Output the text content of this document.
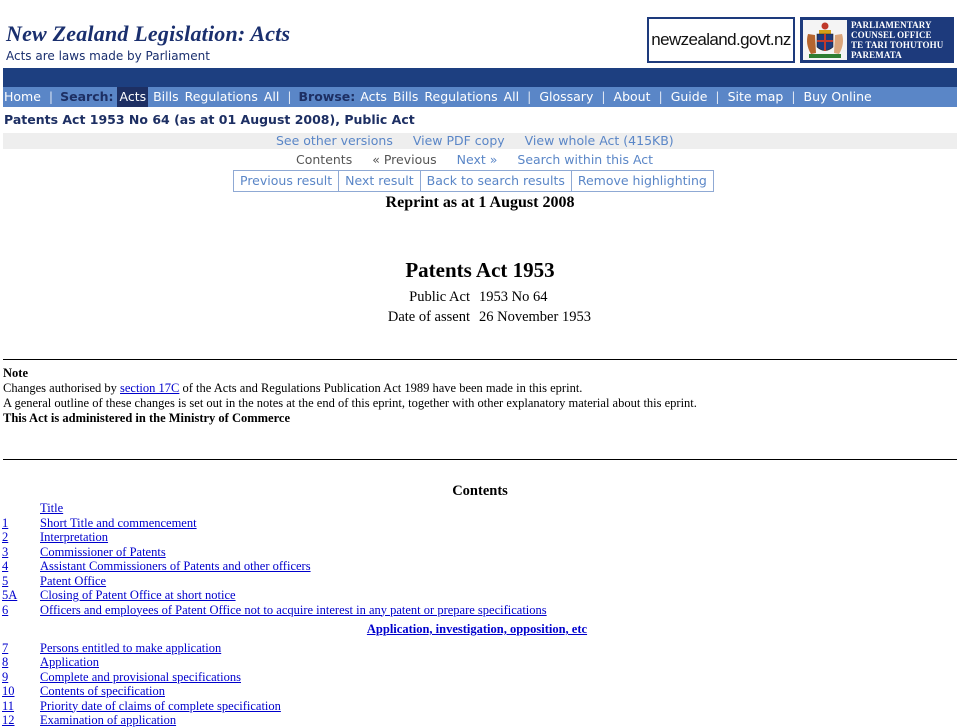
New Zealand Legislation: Acts
Acts are laws made by Parliament
newzealand.govt.nz
PARLIAMENTARY
COUNSEL OFFICE
TE TARI TOHUTOHU
PAREMATA
Home | Search: Acts Bills Regulations All | Browse: Acts Bills Regulations All | Glossary | About | Guide | Site map | Buy Online
Patents Act 1953 No 64 (as at 01 August 2008), Public Act
See other versions View PDF copy View whole Act (415KB)
Contents « Previous Next » Search within this Act
Previous result	Next result	Back to search results	Remove highlighting
Reprint as at 1 August 2008
Patents Act 1953
Public Act 1953 No 64
Date of assent 26 November 1953
Note
Changes authorised by section 17C of the Acts and Regulations Publication Act 1989 have been made in this eprint.
A general outline of these changes is set out in the notes at the end of this eprint, together with other explanatory material about this eprint.
This Act is administered in the Ministry of Commerce
Contents
Title
1	Short Title and commencement
2	Interpretation
3	Commissioner of Patents
4	Assistant Commissioners of Patents and other officers
5	Patent Office
5A	Closing of Patent Office at short notice
6	Officers and employees of Patent Office not to acquire interest in any patent or prepare specifications
Application, investigation, opposition, etc
7	Persons entitled to make application
8	Application
9	Complete and provisional specifications
10	Contents of specification
11	Priority date of claims of complete specification
12	Examination of application
